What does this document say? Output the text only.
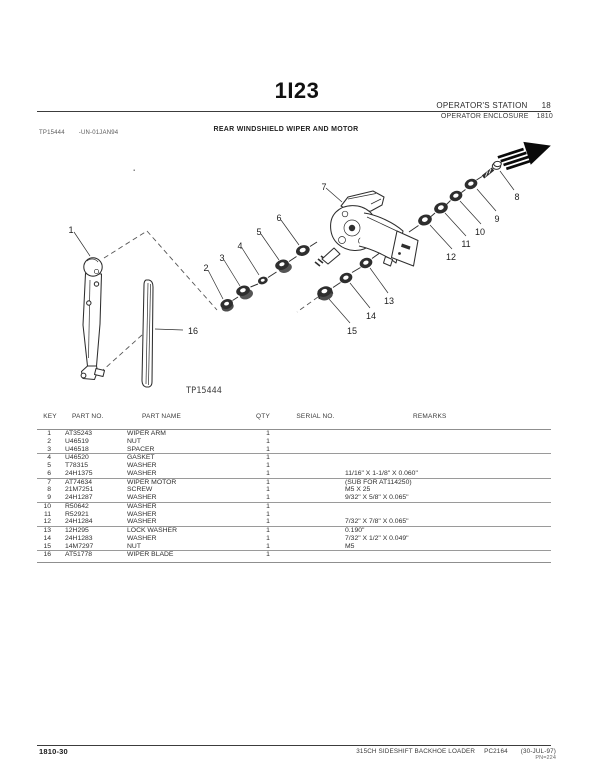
1I23
OPERATOR'S STATION 18
OPERATOR ENCLOSURE 1810
TP15444 -UN-01JAN94	REAR WINDSHIELD WIPER AND MOTOR
1
2
3
4
5
6
7
8
9
10
11
12
13
14
15
16
TP15444
KEY	PART NO.	PART NAME	QTY	SERIAL NO.	REMARKS
1	AT35243	WIPER ARM	1		
2	U46519	NUT	1		
3	U46518	SPACER	1		
4	U46520	GASKET	1		
5	T78315	WASHER	1		
6	24H1375	WASHER	1		11/16" X 1-1/8" X 0.060"
7	AT74634	WIPER MOTOR	1		(SUB FOR AT114250)
8	21M7251	SCREW	1		M5 X 25
9	24H1287	WASHER	1		9/32" X 5/8" X 0.065"
10	R50642	WASHER	1		
11	R52921	WASHER	1		
12	24H1284	WASHER	1		7/32" X 7/8" X 0.065"
13	12H295	LOCK WASHER	1		0.190"
14	24H1283	WASHER	1		7/32" X 1/2" X 0.049"
15	14M7297	NUT	1		M5
16	AT51778	WIPER BLADE	1		
1810-30	315CH SIDESHIFT BACKHOE LOADER PC2164 (30-JUL-97)
PN=224
